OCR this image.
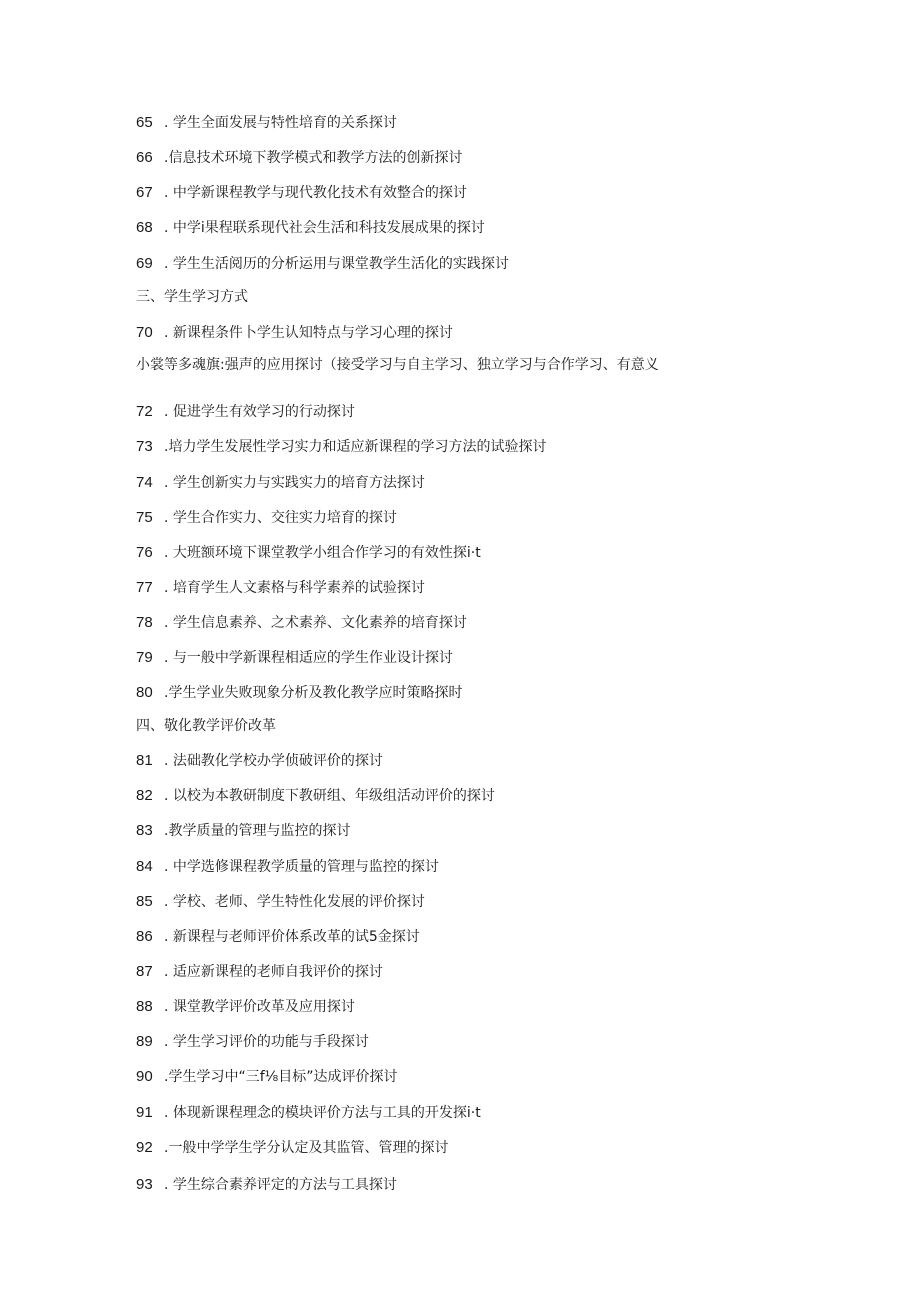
65 . 学生全面发展与特性培育的关系探讨
66 .信息技术环境下教学模式和教学方法的创新探讨
67 . 中学新课程教学与现代教化技术有效整合的探讨
68 . 中学i果程联系现代社会生活和科技发展成果的探讨
69 . 学生生活阅历的分析运用与课堂教学生活化的实践探讨
三、学生学习方式
70 . 新课程条件卜学生认知特点与学习心理的探讨
小裳等多魂旗:强声的应用探讨（接受学习与自主学习、独立学习与合作学习、有意义
72 . 促进学生有效学习的行动探讨
73 .培力学生发展性学习实力和适应新课程的学习方法的试验探讨
74 . 学生创新实力与实践实力的培育方法探讨
75 . 学生合作实力、交往实力培育的探讨
76 . 大班额环境下课堂教学小组合作学习的有效性探i·t
77 . 培育学生人文素格与科学素养的试验探讨
78 . 学生信息素养、之术素养、文化素养的培育探讨
79 . 与一般中学新课程相适应的学生作业设计探讨
80 .学生学业失败现象分析及教化教学应时策略探时
四、敬化教学评价改革
81 . 法础教化学校办学侦破评价的探讨
82 . 以校为本教研制度下教研组、年级组活动评价的探讨
83 .教学质量的管理与监控的探讨
84 . 中学选修课程教学质量的管理与监控的探讨
85 . 学校、老师、学生特性化发展的评价探讨
86 . 新课程与老师评价体系改革的试5金探讨
87 . 适应新课程的老师自我评价的探讨
88 . 课堂教学评价改革及应用探讨
89 . 学生学习评价的功能与手段探讨
90 .学生学习中“三f⅛目标”达成评价探讨
91 . 体现新课程理念的模块评价方法与工具的开发探i·t
92 .一般中学学生学分认定及其监管、管理的探讨
93 . 学生综合素养评定的方法与工具探讨
